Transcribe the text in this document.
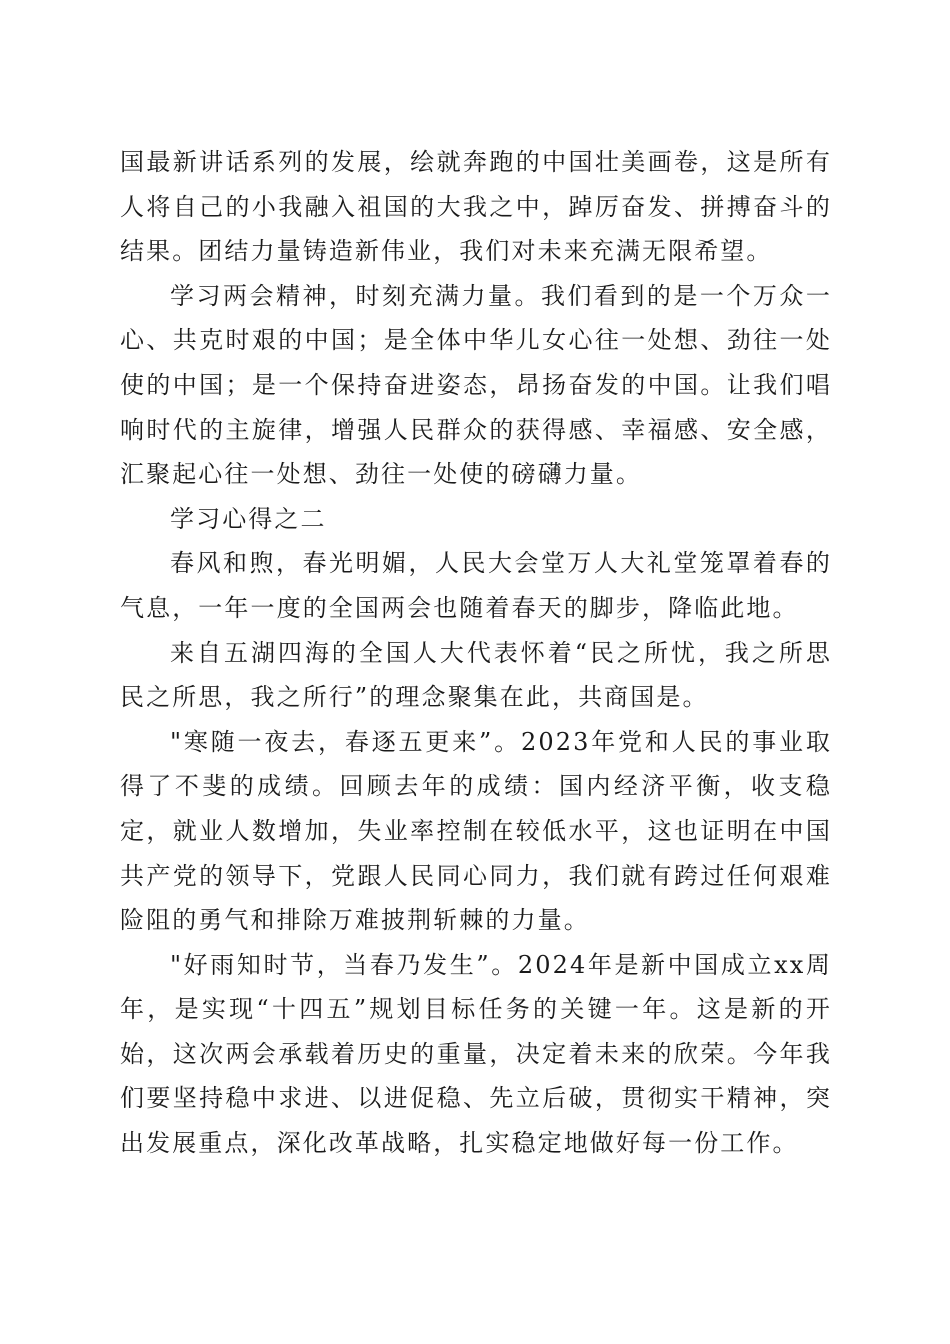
国最新讲话系列的发展，绘就奔跑的中国壮美画卷，这是所有人将自己的小我融入祖国的大我之中，踔厉奋发、拼搏奋斗的结果。团结力量铸造新伟业，我们对未来充满无限希望。

学习两会精神，时刻充满力量。我们看到的是一个万众一心、共克时艰的中国；是全体中华儿女心往一处想、劲往一处使的中国；是一个保持奋进姿态，昂扬奋发的中国。让我们唱响时代的主旋律，增强人民群众的获得感、幸福感、安全感，汇聚起心往一处想、劲往一处使的磅礴力量。

学习心得之二

春风和煦，春光明媚，人民大会堂万人大礼堂笼罩着春的气息，一年一度的全国两会也随着春天的脚步，降临此地。

来自五湖四海的全国人大代表怀着“民之所忧，我之所思民之所思，我之所行”的理念聚集在此，共商国是。

"寒随一夜去，春逐五更来”。2023年党和人民的事业取得了不斐的成绩。回顾去年的成绩：国内经济平衡，收支稳定，就业人数增加，失业率控制在较低水平，这也证明在中国共产党的领导下，党跟人民同心同力，我们就有跨过任何艰难险阻的勇气和排除万难披荆斩棘的力量。

"好雨知时节，当春乃发生”。2024年是新中国成立xx周年，是实现“十四五”规划目标任务的关键一年。这是新的开始，这次两会承载着历史的重量，决定着未来的欣荣。今年我们要坚持稳中求进、以进促稳、先立后破，贯彻实干精神，突出发展重点，深化改革战略，扎实稳定地做好每一份工作。
